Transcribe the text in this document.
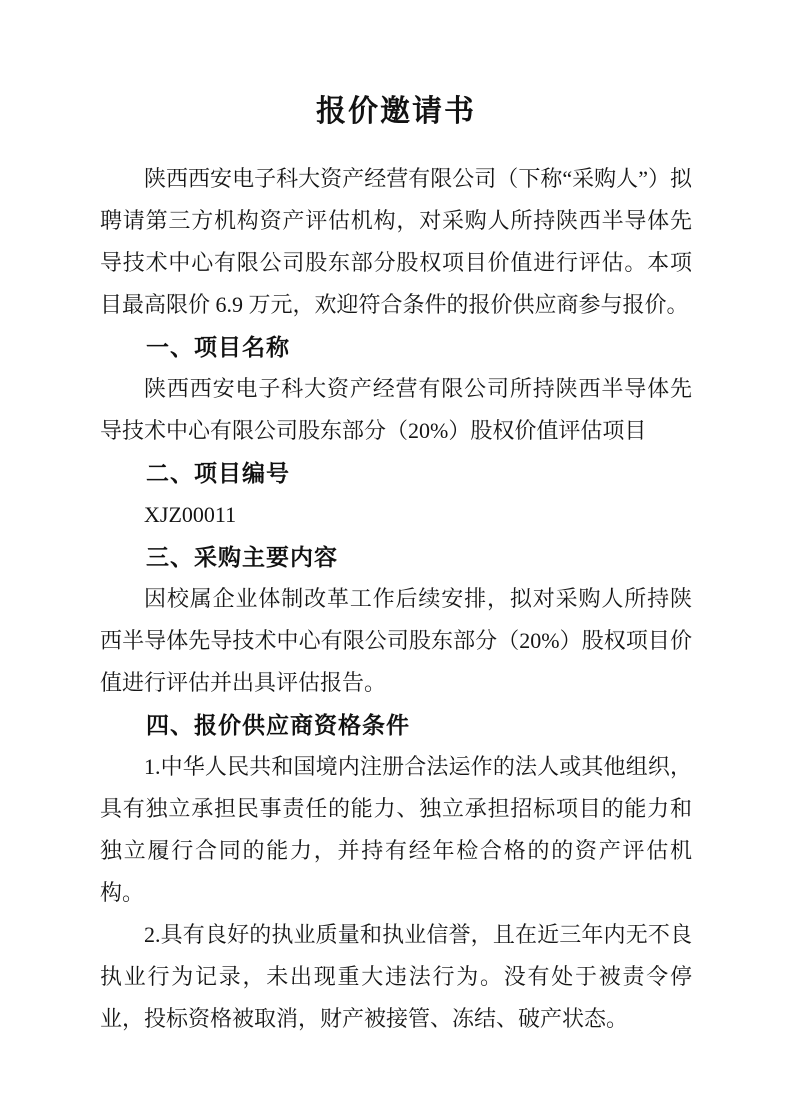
报价邀请书

陕西西安电子科大资产经营有限公司（下称“采购人”）拟聘请第三方机构资产评估机构，对采购人所持陕西半导体先导技术中心有限公司股东部分股权项目价值进行评估。本项目最高限价 6.9 万元，欢迎符合条件的报价供应商参与报价。

一、项目名称

陕西西安电子科大资产经营有限公司所持陕西半导体先导技术中心有限公司股东部分（20%）股权价值评估项目

二、项目编号

XJZ00011

三、采购主要内容

因校属企业体制改革工作后续安排，拟对采购人所持陕西半导体先导技术中心有限公司股东部分（20%）股权项目价值进行评估并出具评估报告。

四、报价供应商资格条件

1.中华人民共和国境内注册合法运作的法人或其他组织，具有独立承担民事责任的能力、独立承担招标项目的能力和独立履行合同的能力，并持有经年检合格的的资产评估机构。

2.具有良好的执业质量和执业信誉，且在近三年内无不良执业行为记录，未出现重大违法行为。没有处于被责令停业，投标资格被取消，财产被接管、冻结、破产状态。
